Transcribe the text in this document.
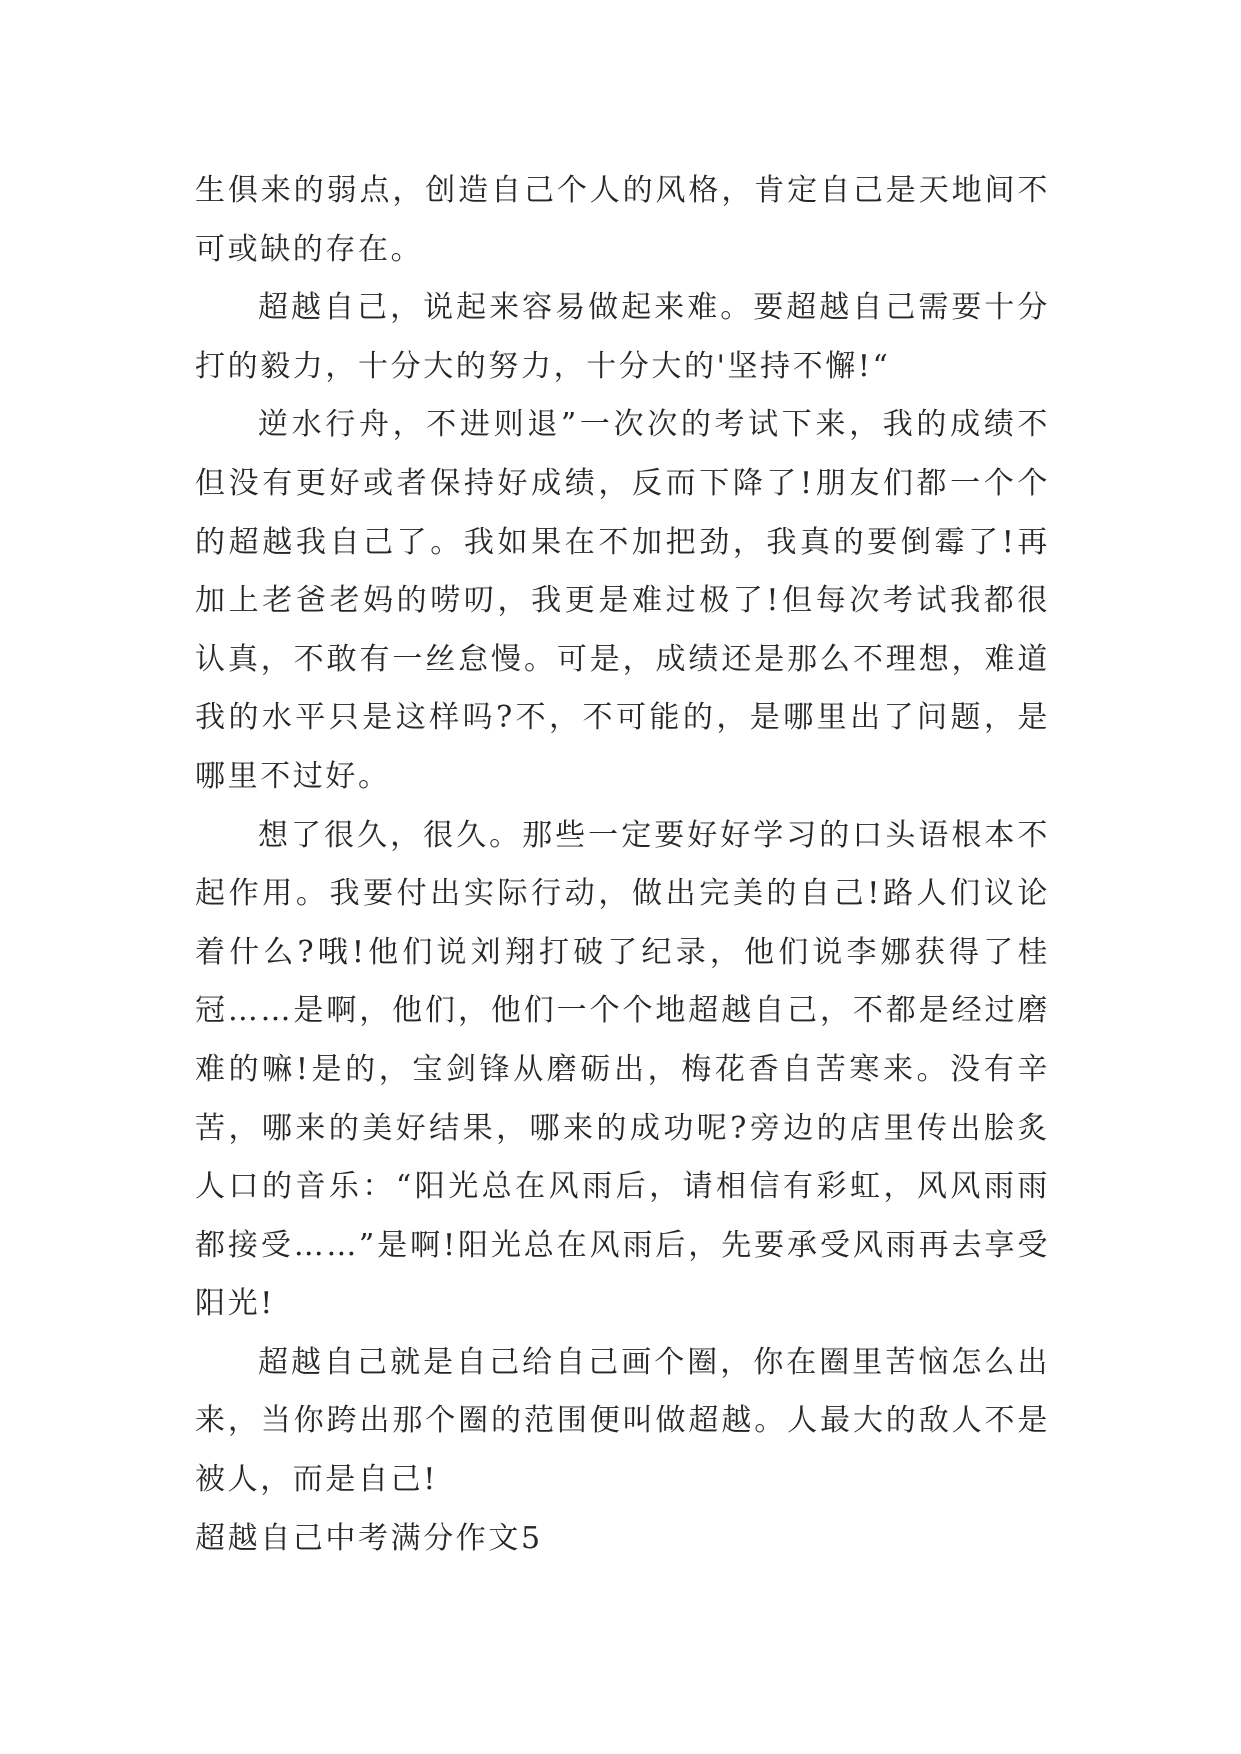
生俱来的弱点，创造自己个人的风格，肯定自己是天地间不可或缺的存在。

超越自己，说起来容易做起来难。要超越自己需要十分打的毅力，十分大的努力，十分大的'坚持不懈!“

逆水行舟，不进则退”一次次的考试下来，我的成绩不但没有更好或者保持好成绩，反而下降了!朋友们都一个个的超越我自己了。我如果在不加把劲，我真的要倒霉了!再加上老爸老妈的唠叨，我更是难过极了!但每次考试我都很认真，不敢有一丝怠慢。可是，成绩还是那么不理想，难道我的水平只是这样吗?不，不可能的，是哪里出了问题，是哪里不过好。

想了很久，很久。那些一定要好好学习的口头语根本不起作用。我要付出实际行动，做出完美的自己!路人们议论着什么?哦!他们说刘翔打破了纪录，他们说李娜获得了桂冠……是啊，他们，他们一个个地超越自己，不都是经过磨难的嘛!是的，宝剑锋从磨砺出，梅花香自苦寒来。没有辛苦，哪来的美好结果，哪来的成功呢?旁边的店里传出脍炙人口的音乐：“阳光总在风雨后，请相信有彩虹，风风雨雨都接受……”是啊!阳光总在风雨后，先要承受风雨再去享受阳光!

超越自己就是自己给自己画个圈，你在圈里苦恼怎么出来，当你跨出那个圈的范围便叫做超越。人最大的敌人不是被人，而是自己!

超越自己中考满分作文5
